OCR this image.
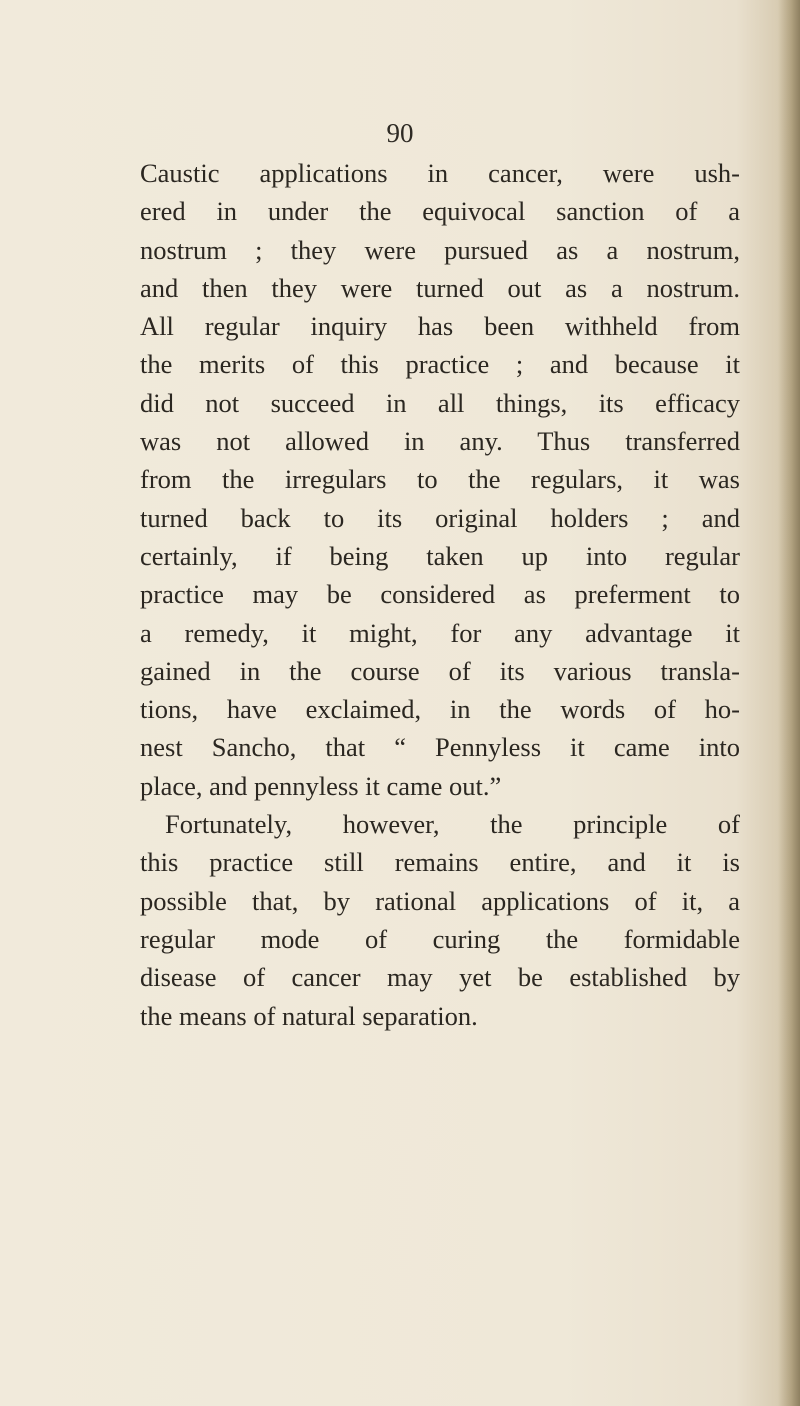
90
Caustic applications in cancer, were ush-
ered in under the equivocal sanction of a
nostrum ; they were pursued as a nostrum,
and then they were turned out as a nostrum.
All regular inquiry has been withheld from
the merits of this practice ; and because it
did not succeed in all things, its efficacy
was not allowed in any. Thus transferred
from the irregulars to the regulars, it was
turned back to its original holders ; and
certainly, if being taken up into regular
practice may be considered as preferment to
a remedy, it might, for any advantage it
gained in the course of its various transla-
tions, have exclaimed, in the words of ho-
nest Sancho, that “ Pennyless it came into
place, and pennyless it came out.”
Fortunately, however, the principle of
this practice still remains entire, and it is
possible that, by rational applications of it, a
regular mode of curing the formidable
disease of cancer may yet be established by
the means of natural separation.
